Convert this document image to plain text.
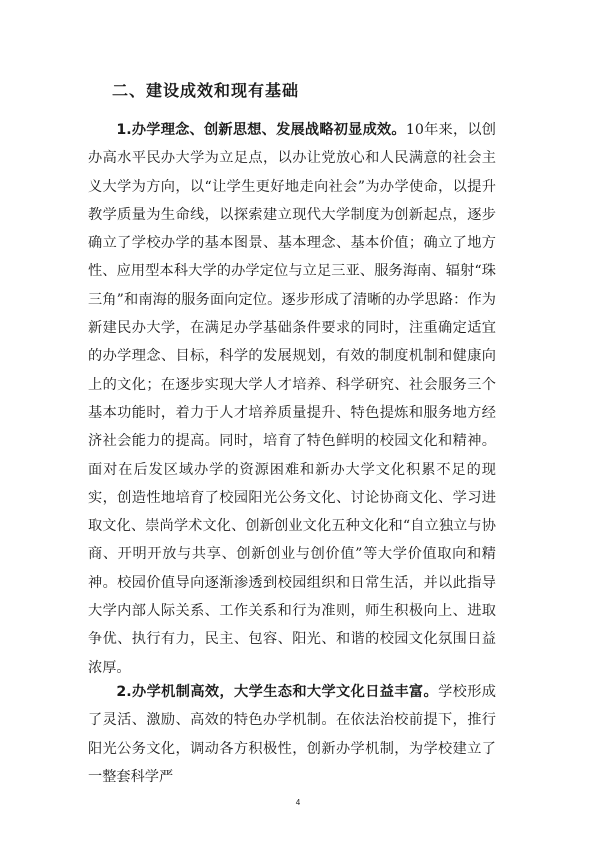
二、建设成效和现有基础

1.办学理念、创新思想、发展战略初显成效。10年来，以创办高水平民办大学为立足点，以办让党放心和人民满意的社会主义大学为方向，以“让学生更好地走向社会”为办学使命，以提升教学质量为生命线，以探索建立现代大学制度为创新起点，逐步确立了学校办学的基本图景、基本理念、基本价值；确立了地方性、应用型本科大学的办学定位与立足三亚、服务海南、辐射“珠三角”和南海的服务面向定位。逐步形成了清晰的办学思路：作为新建民办大学，在满足办学基础条件要求的同时，注重确定适宜的办学理念、目标，科学的发展规划，有效的制度机制和健康向上的文化；在逐步实现大学人才培养、科学研究、社会服务三个基本功能时，着力于人才培养质量提升、特色提炼和服务地方经济社会能力的提高。同时，培育了特色鲜明的校园文化和精神。面对在后发区域办学的资源困难和新办大学文化积累不足的现实，创造性地培育了校园阳光公务文化、讨论协商文化、学习进取文化、崇尚学术文化、创新创业文化五种文化和“自立独立与协商、开明开放与共享、创新创业与创价值”等大学价值取向和精神。校园价值导向逐渐渗透到校园组织和日常生活，并以此指导大学内部人际关系、工作关系和行为准则，师生积极向上、进取争优、执行有力，民主、包容、阳光、和谐的校园文化氛围日益浓厚。

2.办学机制高效，大学生态和大学文化日益丰富。学校形成了灵活、激励、高效的特色办学机制。在依法治校前提下，推行阳光公务文化，调动各方积极性，创新办学机制，为学校建立了一整套科学严

4
